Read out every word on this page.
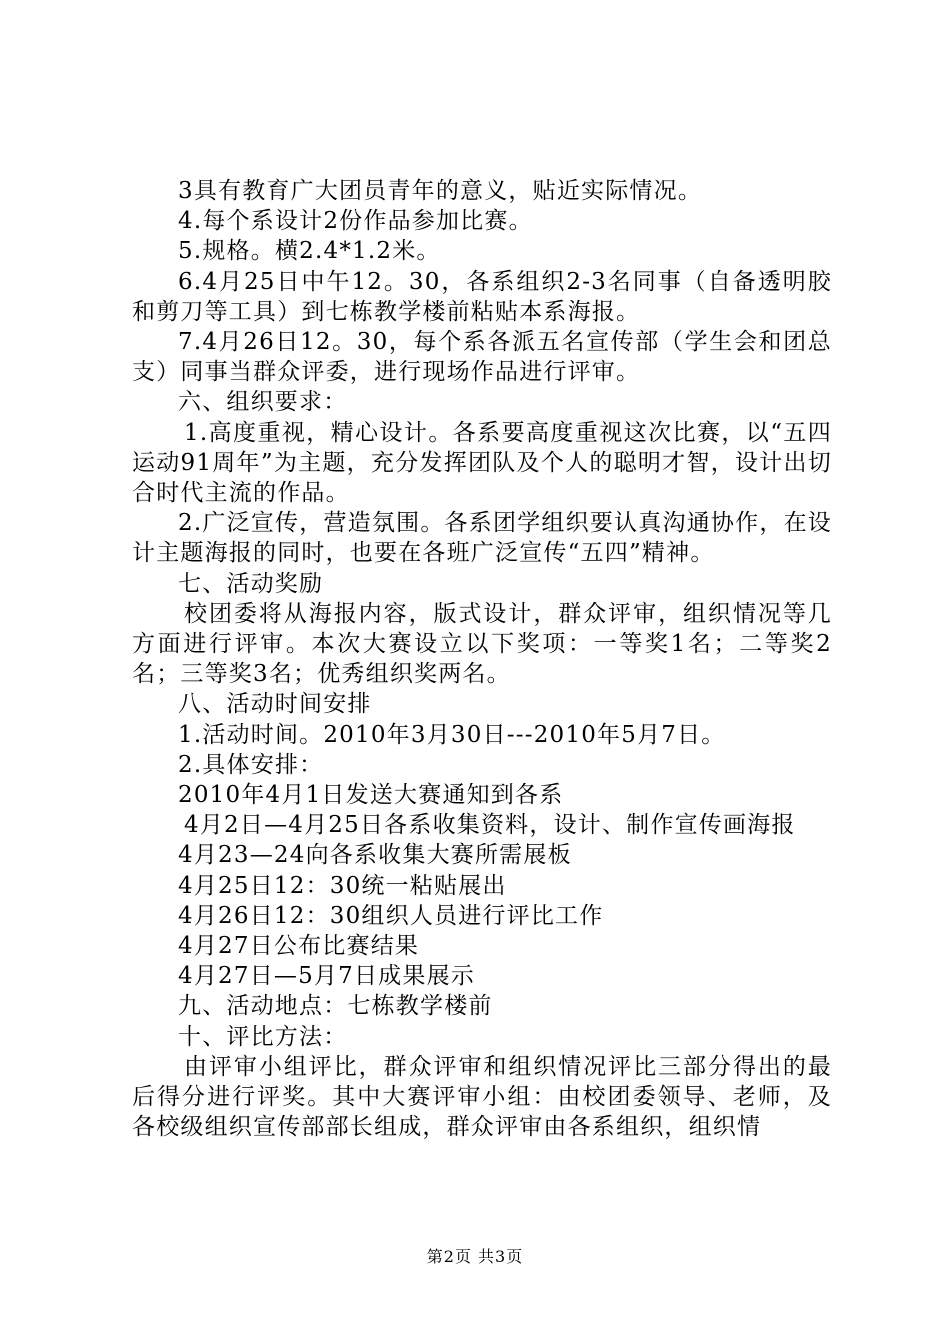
3具有教育广大团员青年的意义，贴近实际情况。

4.每个系设计2份作品参加比赛。

5.规格。横2.4*1.2米。

6.4月25日中午12。30，各系组织2-3名同事（自备透明胶和剪刀等工具）到七栋教学楼前粘贴本系海报。

7.4月26日12。30，每个系各派五名宣传部（学生会和团总支）同事当群众评委，进行现场作品进行评审。

六、组织要求：

1.高度重视，精心设计。各系要高度重视这次比赛，以“五四运动91周年”为主题，充分发挥团队及个人的聪明才智，设计出切合时代主流的作品。

2.广泛宣传，营造氛围。各系团学组织要认真沟通协作，在设计主题海报的同时，也要在各班广泛宣传“五四”精神。

七、活动奖励

校团委将从海报内容，版式设计，群众评审，组织情况等几方面进行评审。本次大赛设立以下奖项：一等奖1名；二等奖2名；三等奖3名；优秀组织奖两名。

八、活动时间安排

1.活动时间。2010年3月30日---2010年5月7日。

2.具体安排：

2010年4月1日发送大赛通知到各系

4月2日—4月25日各系收集资料，设计、制作宣传画海报

4月23—24向各系收集大赛所需展板

4月25日12：30统一粘贴展出

4月26日12：30组织人员进行评比工作

4月27日公布比赛结果

4月27日—5月7日成果展示

九、活动地点：七栋教学楼前

十、评比方法：

由评审小组评比，群众评审和组织情况评比三部分得出的最后得分进行评奖。其中大赛评审小组：由校团委领导、老师，及各校级组织宣传部部长组成，群众评审由各系组织，组织情

第2页 共3页
